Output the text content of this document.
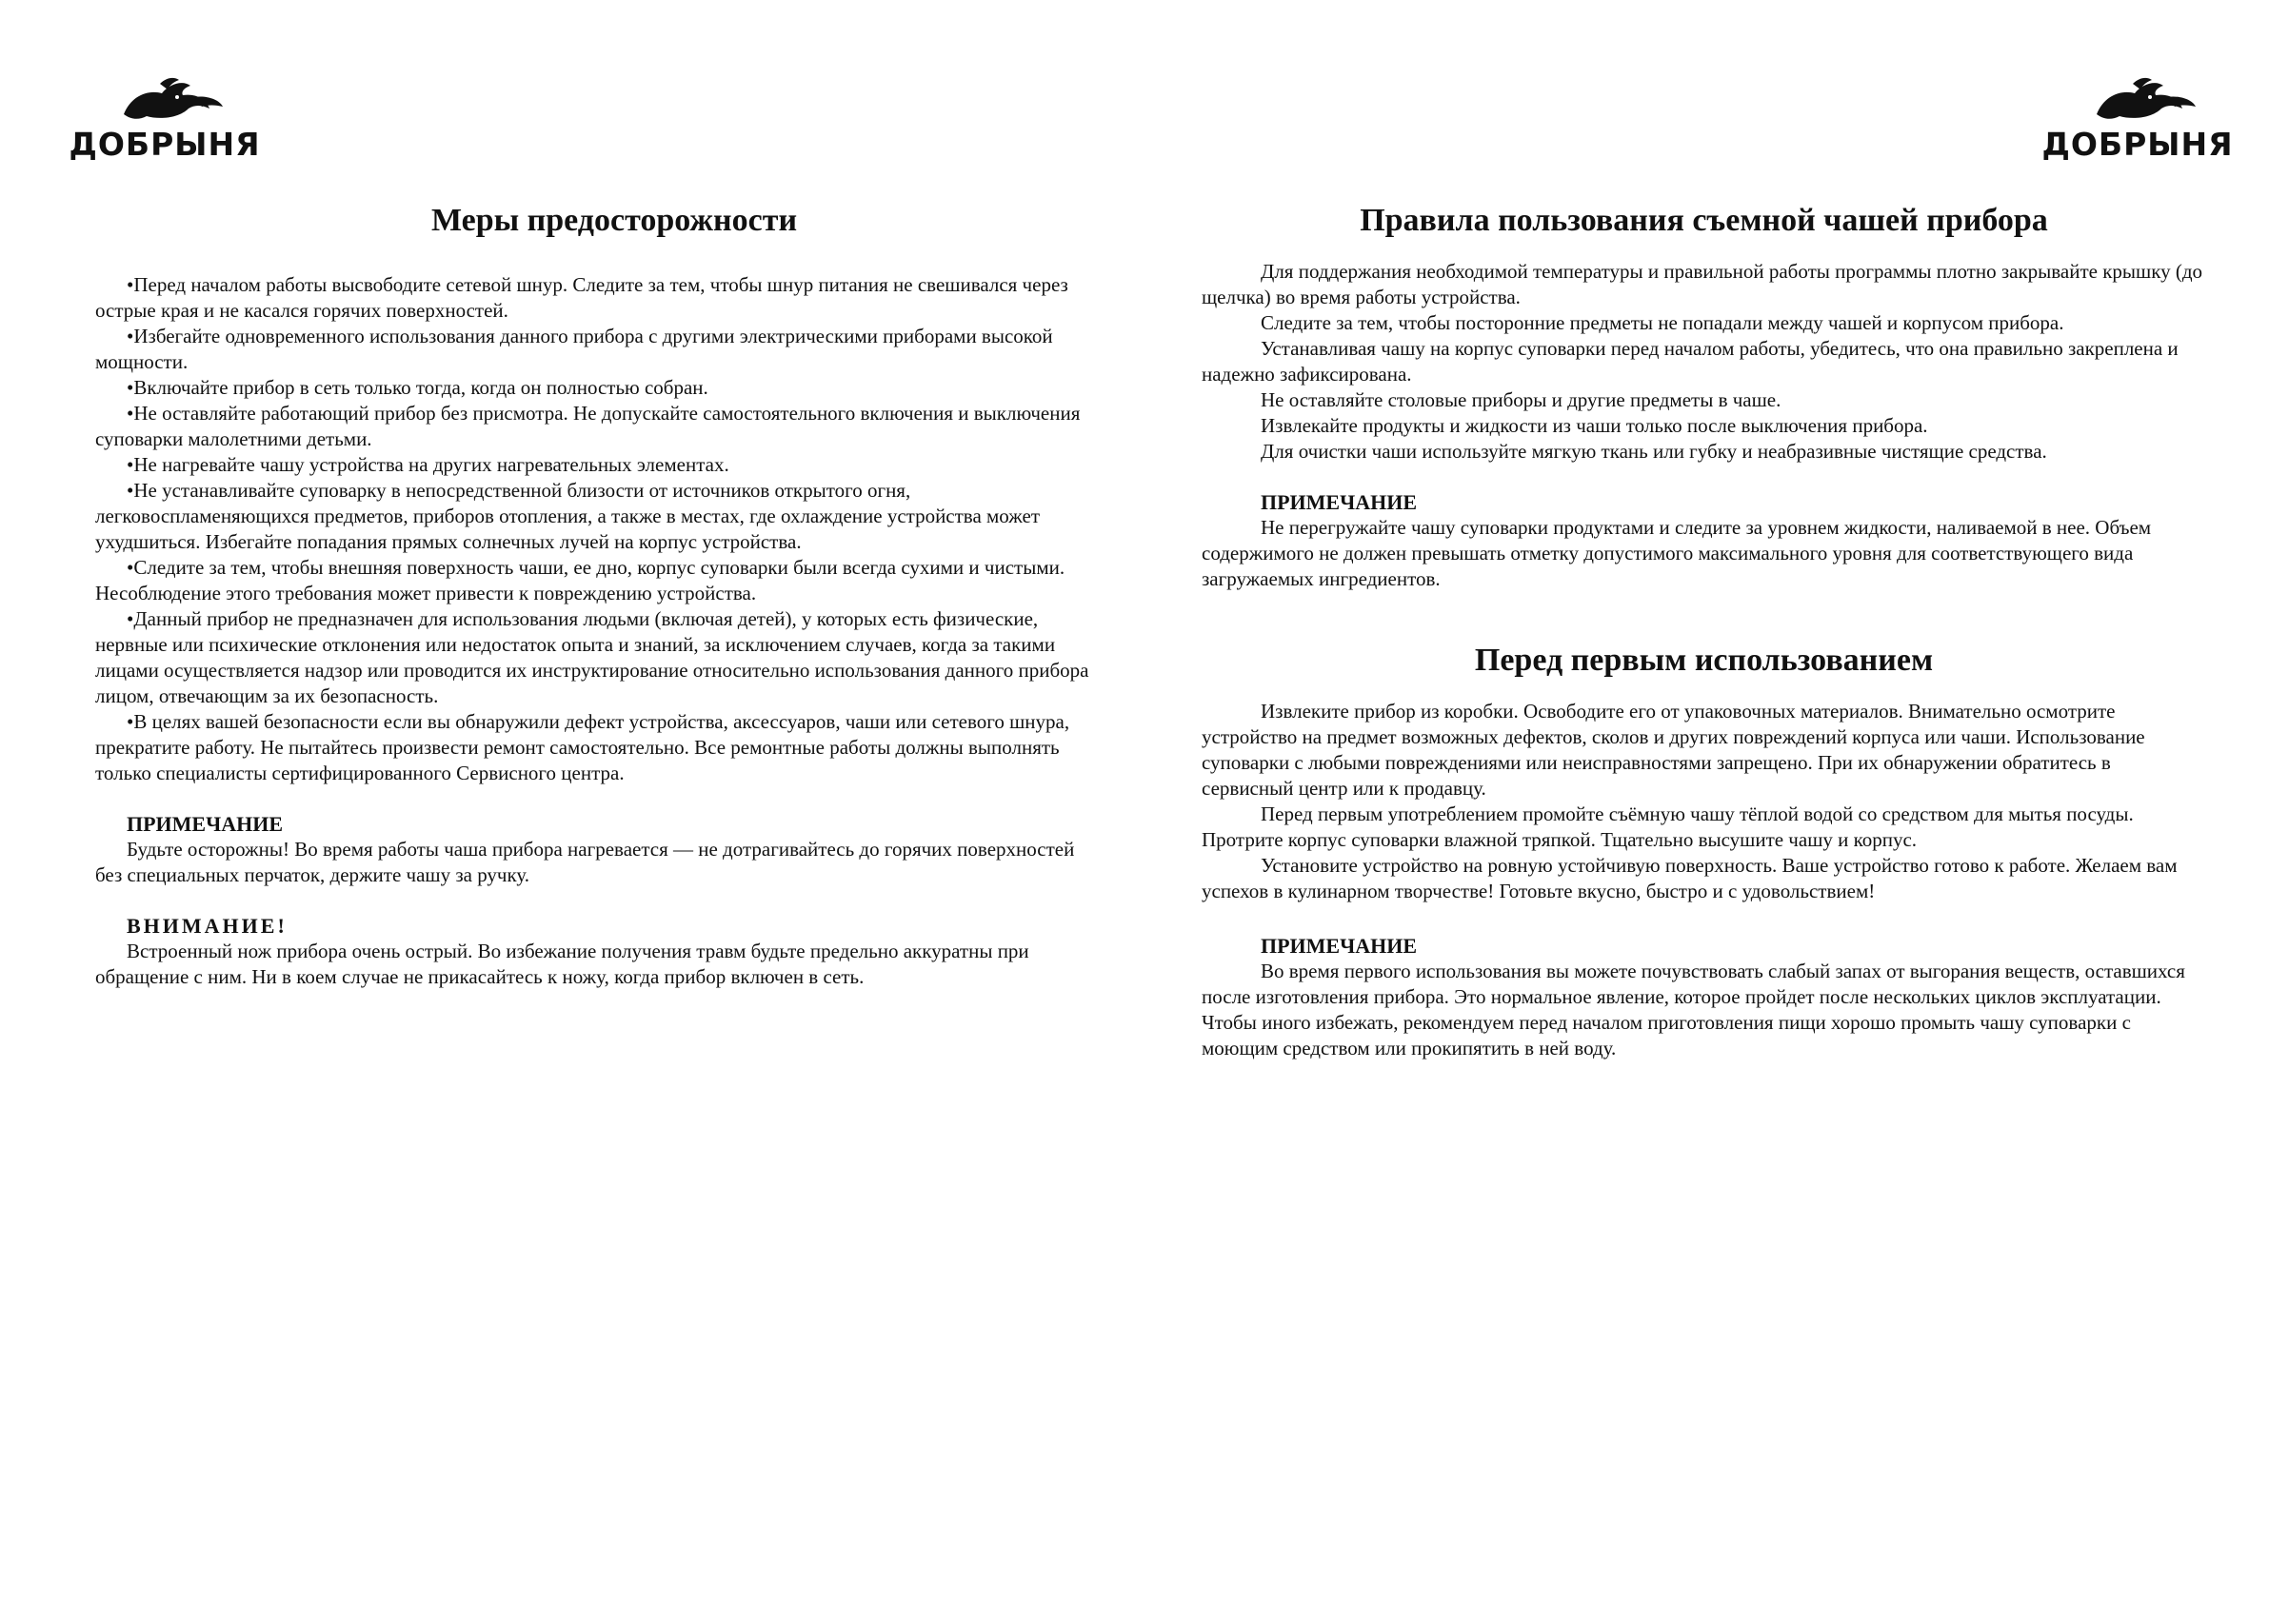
ДОБРЫНЯ
Меры предосторожности

•Перед началом работы высвободите сетевой шнур. Следите за тем, чтобы шнур питания не свешивался через острые края и не касался горячих поверхностей.

•Избегайте одновременного использования данного прибора с другими электрическими приборами высокой мощности.

•Включайте прибор в сеть только тогда, когда он полностью собран.

•Не оставляйте работающий прибор без присмотра. Не допускайте самостоятельного включения и выключения суповарки малолетними детьми.

•Не нагревайте чашу устройства на других нагревательных элементах.

•Не устанавливайте суповарку в непосредственной близости от источников открытого огня, легковоспламеняющихся предметов, приборов отопления, а также в местах, где охлаждение устройства может ухудшиться. Избегайте попадания прямых солнечных лучей на корпус устройства.

•Следите за тем, чтобы внешняя поверхность чаши, ее дно, корпус суповарки были всегда сухими и чистыми. Несоблюдение этого требования может привести к повреждению устройства.

•Данный прибор не предназначен для использования людьми (включая детей), у которых есть физические, нервные или психические отклонения или недостаток опыта и знаний, за исключением случаев, когда за такими лицами осуществляется надзор или проводится их инструктирование относительно использования данного прибора лицом, отвечающим за их безопасность.

•В целях вашей безопасности если вы обнаружили дефект устройства, аксессуаров, чаши или сетевого шнура, прекратите работу. Не пытайтесь произвести ремонт самостоятельно. Все ремонтные работы должны выполнять только специалисты сертифицированного Сервисного центра.

ПРИМЕЧАНИЕ

Будьте осторожны! Во время работы чаша прибора нагревается — не дотрагивайтесь до горячих поверхностей без специальных перчаток, держите чашу за ручку.

ВНИМАНИЕ!

Встроенный нож прибора очень острый. Во избежание получения травм будьте предельно аккуратны при обращение с ним. Ни в коем случае не прикасайтесь к ножу, когда прибор включен в сеть.

ДОБРЫНЯ
Правила пользования съемной чашей прибора

Для поддержания необходимой температуры и правильной работы программы плотно закрывайте крышку (до щелчка) во время работы устройства.

Следите за тем, чтобы посторонние предметы не попадали между чашей и корпусом прибора.

Устанавливая чашу на корпус суповарки перед началом работы, убедитесь, что она правильно закреплена и надежно зафиксирована.

Не оставляйте столовые приборы и другие предметы в чаше.

Извлекайте продукты и жидкости из чаши только после выключения прибора.

Для очистки чаши используйте мягкую ткань или губку и неабразивные чистящие средства.

ПРИМЕЧАНИЕ

Не перегружайте чашу суповарки продуктами и следите за уровнем жидкости, наливаемой в нее. Объем содержимого не должен превышать отметку допустимого максимального уровня для соответствующего вида загружаемых ингредиентов.

Перед первым использованием

Извлеките прибор из коробки. Освободите его от упаковочных материалов. Внимательно осмотрите устройство на предмет возможных дефектов, сколов и других повреждений корпуса или чаши. Использование суповарки с любыми повреждениями или неисправностями запрещено. При их обнаружении обратитесь в сервисный центр или к продавцу.

Перед первым употреблением промойте съёмную чашу тёплой водой со средством для мытья посуды. Протрите корпус суповарки влажной тряпкой. Тщательно высушите чашу и корпус.

Установите устройство на ровную устойчивую поверхность. Ваше устройство готово к работе. Желаем вам успехов в кулинарном творчестве! Готовьте вкусно, быстро и с удовольствием!

ПРИМЕЧАНИЕ

Во время первого использования вы можете почувствовать слабый запах от выгорания веществ, оставшихся после изготовления прибора. Это нормальное явление, которое пройдет после нескольких циклов эксплуатации. Чтобы иного избежать, рекомендуем перед началом приготовления пищи хорошо промыть чашу суповарки с моющим средством или прокипятить в ней воду.
